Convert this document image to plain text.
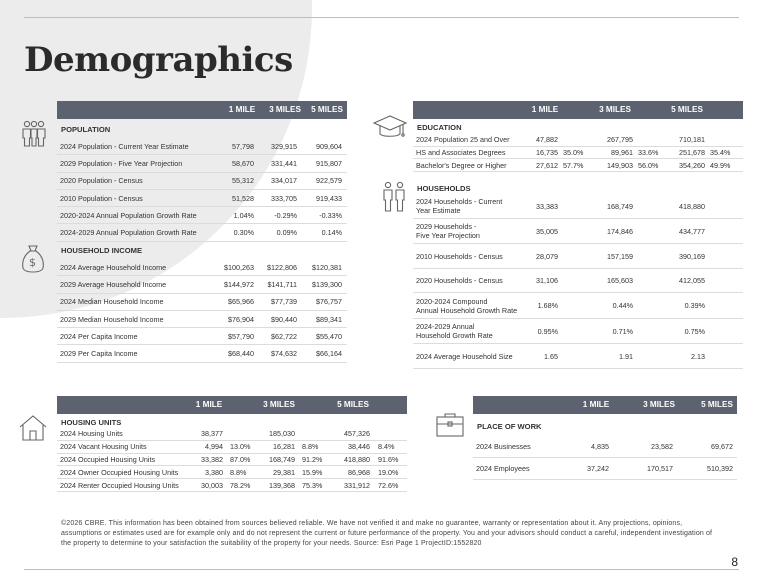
Demographics
$
1 MILE	3 MILES	5 MILES
POPULATION
2024 Population - Current Year Estimate	57,798 329,915	909,604
2029 Population - Five Year Projection	58,670 331,441	915,807
2020 Population - Census	55,312 334,017	922,579
2010 Population - Census	51,528 333,705	919,433
2020-2024 Annual Population Growth Rate	1.04%	-0.29%	-0.33%
2024-2029 Annual Population Growth Rate	0.30%	0.09%	0.14%
HOUSEHOLD INCOME
2024 Average Household Income	$100,263 $122,806 $120,381
2029 Average Household Income	$144,972 $141,711 $139,300
2024 Median Household Income	$65,966 $77,739	$76,757
2029 Median Household Income	$76,904 $90,440	$89,341
2024 Per Capita Income	$57,790 $62,722	$55,470
2029 Per Capita Income	$68,440 $74,632	$66,164
1 MILE	3 MILES	5 MILES
EDUCATION
2024 Population 25 and Over	47,882	267,795	710,181
HS and Associates Degrees	16,735 35.0%	89,961 33.6%	251,678 35.4%
Bachelor's Degree or Higher	27,612 57.7%	149,903 56.0%	354,260 49.9%
HOUSEHOLDS
2024 Households - Current
Year Estimate	33,383	168,749	418,880
2029 Households -
Five Year Projection	35,005	174,846	434,777
2010 Households - Census	28,079	157,159	390,169
2020 Households - Census	31,106	165,603	412,055
2020-2024 Compound
Annual Household Growth Rate	1.68%	0.44%	0.39%
2024-2029 Annual
Household Growth Rate	0.95%	0.71%	0.75%
2024 Average Household Size	1.65	1.91	2.13
1 MILE	3 MILES	5 MILES
HOUSING UNITS
2024 Housing Units	38,377	185,030	457,326
2024 Vacant Housing Units	4,994 13.0%	16,281 8.8%	38,446 8.4%
2024 Occupied Housing Units	33,382 87.0%	168,749 91.2%	418,880 91.6%
2024 Owner Occupied Housing Units	3,380 8.8%	29,381 15.9%	86,968 19.0%
2024 Renter Occupied Housing Units	30,003 78.2%	139,368 75.3%	331,912 72.6%
1 MILE	3 MILES	5 MILES
PLACE OF WORK
2024 Businesses	4,835	23,582	69,672
2024 Employees	37,242	170,517	510,392
©2026 CBRE. This information has been obtained from sources believed reliable. We have not verified it and make no guarantee, warranty or representation about it. Any projections, opinions, assumptions or estimates used are for example only and do not represent the current or future performance of the property. You and your advisors should conduct a careful, independent investigation of the property to determine to your satisfaction the suitability of the property for your needs. Source: Esri Page 1 ProjectID:1552820
8
